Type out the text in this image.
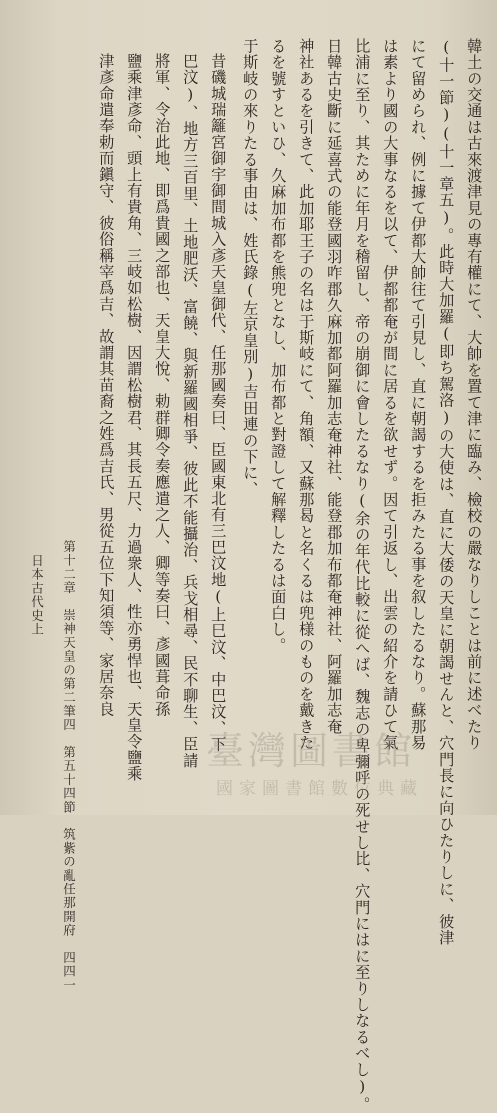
韓土の交通は古來渡津見の專有權にて、大帥を置て津に臨み、檢校の嚴なりしことは前に述べたり
(十一節)(十一章五)。此時大加羅(即ち駕洛)の大使は、直に大倭の天皇に朝謁せんと、穴門長に向ひたりしに、彼津
にて留められ、例に據て伊都大帥往て引見し、直に朝謁するを拒みたる事を叙したるなり。蘇那易
は素より國の大事なるを以て、伊都都奄が間に居るを欲せず。因て引返し、出雲の紹介を請ひて氣
比浦に至り、其ために年月を稽留し、帝の崩御に會したるなり(余の年代比較に從へば、魏志の卑彌呼の死せし比、穴門にはに至りしなるべし)。
日韓古史斷に延喜式の能登國羽咋郡久麻加都阿羅加志奄神社、能登郡加布都奄神社、阿羅加志奄
神社あるを引きて、此加耶王子の名は于斯岐にて、角額、又蘇那曷と名くるは兜様のものを戴きた
るを號すといひ、久麻加布都を熊兜となし、加布都と對證して解釋したるは面白し。
于斯岐の來りたる事由は、姓氏錄(左京皇別)吉田連の下に、
昔磯城瑞籬宮御宇御間城入彥天皇御代、任那國奏曰、臣國東北有三巴汶地(上巳汶、中巴汶、下
巴汶)、地方三百里、土地肥沃、富饒、與新羅國相爭、彼此不能攝治、兵戈相尋、民不聊生、臣請
將軍、令治此地、即爲貴國之部也、天皇大悅、勅群卿令奏應遣之人、卿等奏曰、彥國葺命孫
鹽乘津彥命、頭上有貴角、三岐如松樹、因謂松樹君、其長五尺、力過衆人、性亦勇悍也、天皇令鹽乘
津彥命遣奉勅而鎭守、彼俗稱宰爲吉、故謂其苗裔之姓爲吉氏、男從五位下知須等、家居奈良
第十二章　崇神天皇の第二筆四　第五十四節　筑紫の亂任那開府　四四一
日本古代史上
臺灣圖書館
國家圖書館數位典藏
